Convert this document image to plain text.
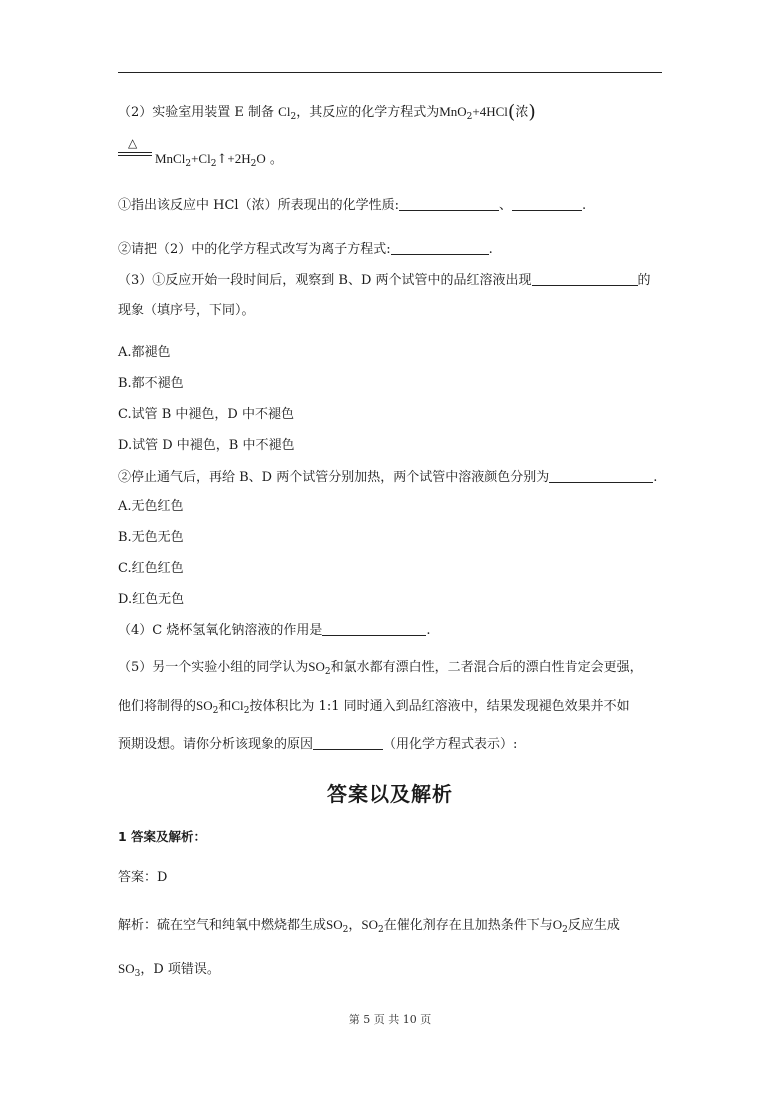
（2）实验室用装置 E 制备 $Cl_2$，其反应的化学方程式为MnO$_2$+4HCl(浓)
△
$MnCl_2+Cl_2↑+2H_2O$ 。
①指出该反应中 HCl（浓）所表现出的化学性质:	、	.
②请把（2）中的化学方程式改写为离子方程式:	.
（3）①反应开始一段时间后，观察到 B、D 两个试管中的品红溶液出现	的
现象（填序号，下同）。
A.都褪色
B.都不褪色
C.试管 B 中褪色，D 中不褪色
D.试管 D 中褪色，B 中不褪色
②停止通气后，再给 B、D 两个试管分别加热，两个试管中溶液颜色分别为	.
A.无色红色
B.无色无色
C.红色红色
D.红色无色
（4）C 烧杯氢氧化钠溶液的作用是	.
（5）另一个实验小组的同学认为$SO_2$和氯水都有漂白性，二者混合后的漂白性肯定会更强，
他们将制得的$SO_2$和$Cl_2$按体积比为 1:1 同时通入到品红溶液中，结果发现褪色效果并不如
预期设想。请你分析该现象的原因	（用化学方程式表示）:
答案以及解析
1 答案及解析：
答案：D
解析：硫在空气和纯氧中燃烧都生成$SO_2$，$SO_2$在催化剂存在且加热条件下与$O_2$反应生成
$SO_3$，D 项错误。
第 5 页 共 10 页
